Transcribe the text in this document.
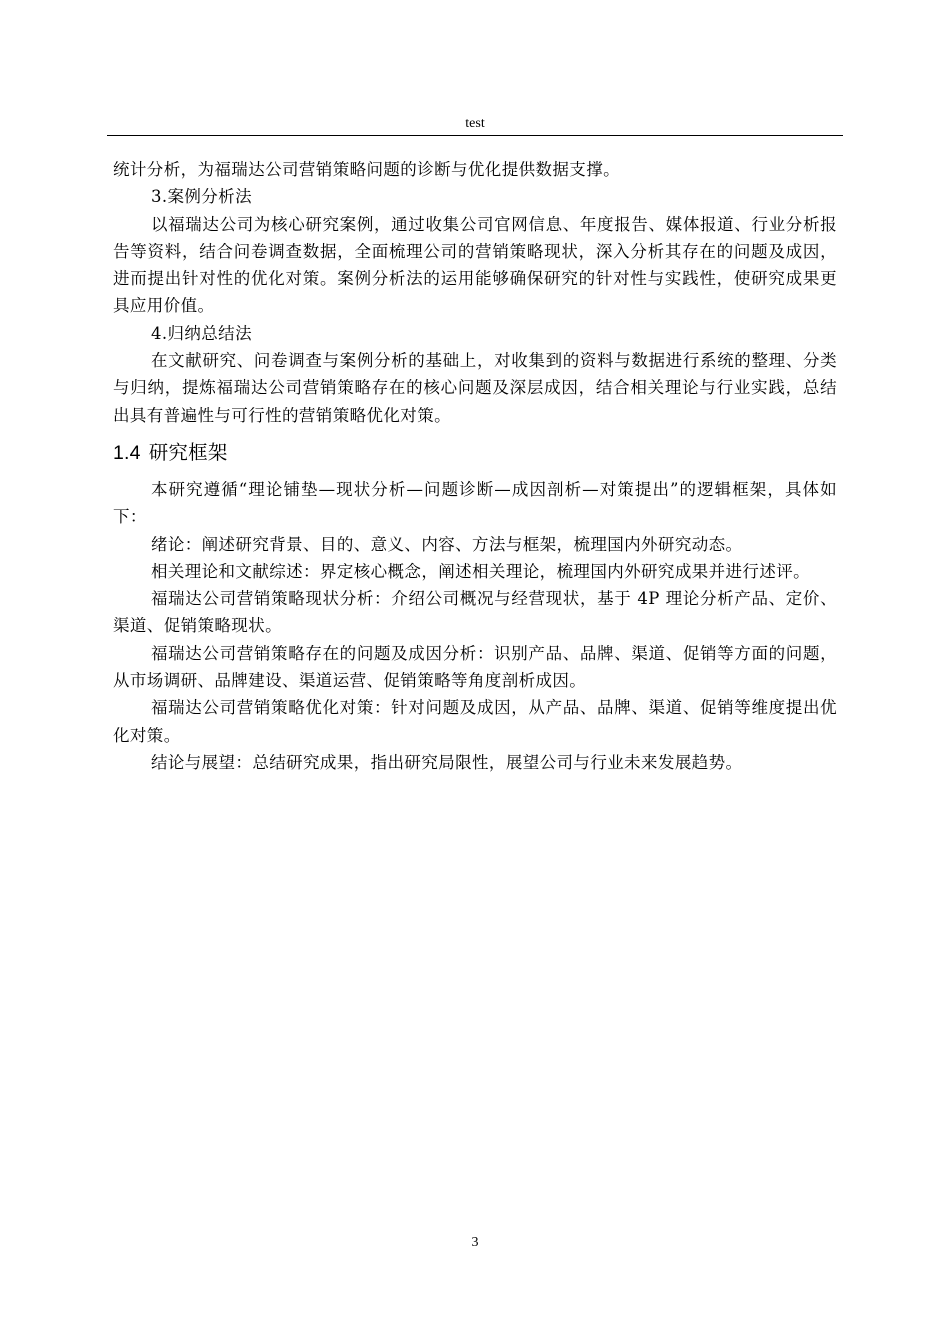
test

统计分析，为福瑞达公司营销策略问题的诊断与优化提供数据支撑。

3.案例分析法

以福瑞达公司为核心研究案例，通过收集公司官网信息、年度报告、媒体报道、行业分析报告等资料，结合问卷调查数据，全面梳理公司的营销策略现状，深入分析其存在的问题及成因，进而提出针对性的优化对策。案例分析法的运用能够确保研究的针对性与实践性，使研究成果更具应用价值。

4.归纳总结法

在文献研究、问卷调查与案例分析的基础上，对收集到的资料与数据进行系统的整理、分类与归纳，提炼福瑞达公司营销策略存在的核心问题及深层成因，结合相关理论与行业实践，总结出具有普遍性与可行性的营销策略优化对策。

1.4 研究框架

本研究遵循“理论铺垫—现状分析—问题诊断—成因剖析—对策提出”的逻辑框架，具体如下：

绪论：阐述研究背景、目的、意义、内容、方法与框架，梳理国内外研究动态。

相关理论和文献综述：界定核心概念，阐述相关理论，梳理国内外研究成果并进行述评。

福瑞达公司营销策略现状分析：介绍公司概况与经营现状，基于 4P 理论分析产品、定价、渠道、促销策略现状。

福瑞达公司营销策略存在的问题及成因分析：识别产品、品牌、渠道、促销等方面的问题，从市场调研、品牌建设、渠道运营、促销策略等角度剖析成因。

福瑞达公司营销策略优化对策：针对问题及成因，从产品、品牌、渠道、促销等维度提出优化对策。

结论与展望：总结研究成果，指出研究局限性，展望公司与行业未来发展趋势。

3
